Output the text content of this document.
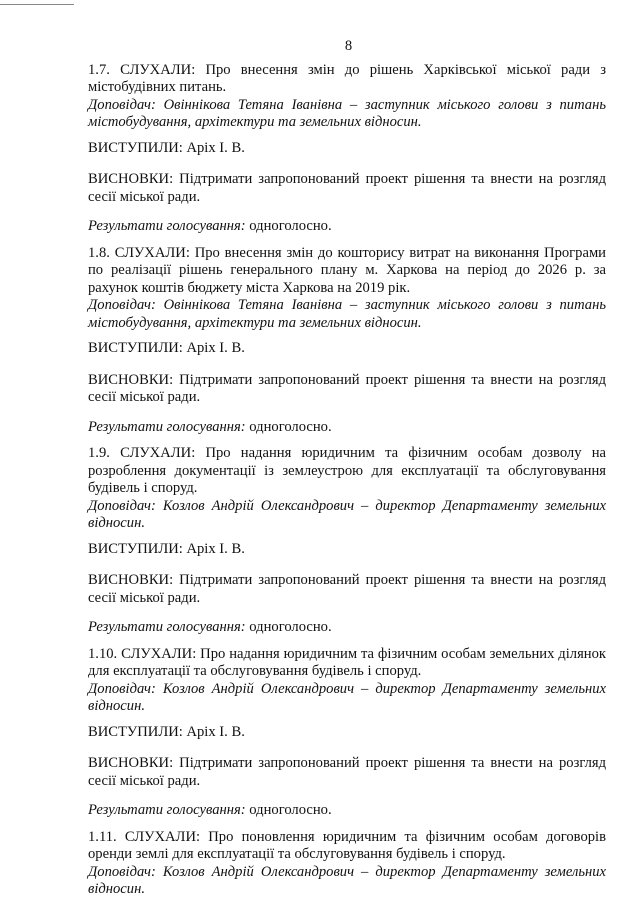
8

1.7. СЛУХАЛИ: Про внесення змін до рішень Харківської міської ради з містобудівних питань.

Доповідач: Овіннікова Тетяна Іванівна – заступник міського голови з питань містобудування, архітектури та земельних відносин.

ВИСТУПИЛИ: Аріх І. В.

ВИСНОВКИ: Підтримати запропонований проект рішення та внести на розгляд сесії міської ради.

Результати голосування: одноголосно.

1.8. СЛУХАЛИ: Про внесення змін до кошторису витрат на виконання Програми по реалізації рішень генерального плану м. Харкова на період до 2026 р. за рахунок коштів бюджету міста Харкова на 2019 рік.

Доповідач: Овіннікова Тетяна Іванівна – заступник міського голови з питань містобудування, архітектури та земельних відносин.

ВИСТУПИЛИ: Аріх І. В.

ВИСНОВКИ: Підтримати запропонований проект рішення та внести на розгляд сесії міської ради.

Результати голосування: одноголосно.

1.9. СЛУХАЛИ: Про надання юридичним та фізичним особам дозволу на розроблення документації із землеустрою для експлуатації та обслуговування будівель і споруд.

Доповідач: Козлов Андрій Олександрович – директор Департаменту земельних відносин.

ВИСТУПИЛИ: Аріх І. В.

ВИСНОВКИ: Підтримати запропонований проект рішення та внести на розгляд сесії міської ради.

Результати голосування: одноголосно.

1.10. СЛУХАЛИ: Про надання юридичним та фізичним особам земельних ділянок для експлуатації та обслуговування будівель і споруд.

Доповідач: Козлов Андрій Олександрович – директор Департаменту земельних відносин.

ВИСТУПИЛИ: Аріх І. В.

ВИСНОВКИ: Підтримати запропонований проект рішення та внести на розгляд сесії міської ради.

Результати голосування: одноголосно.

1.11. СЛУХАЛИ: Про поновлення юридичним та фізичним особам договорів оренди землі для експлуатації та обслуговування будівель і споруд.

Доповідач: Козлов Андрій Олександрович – директор Департаменту земельних відносин.
